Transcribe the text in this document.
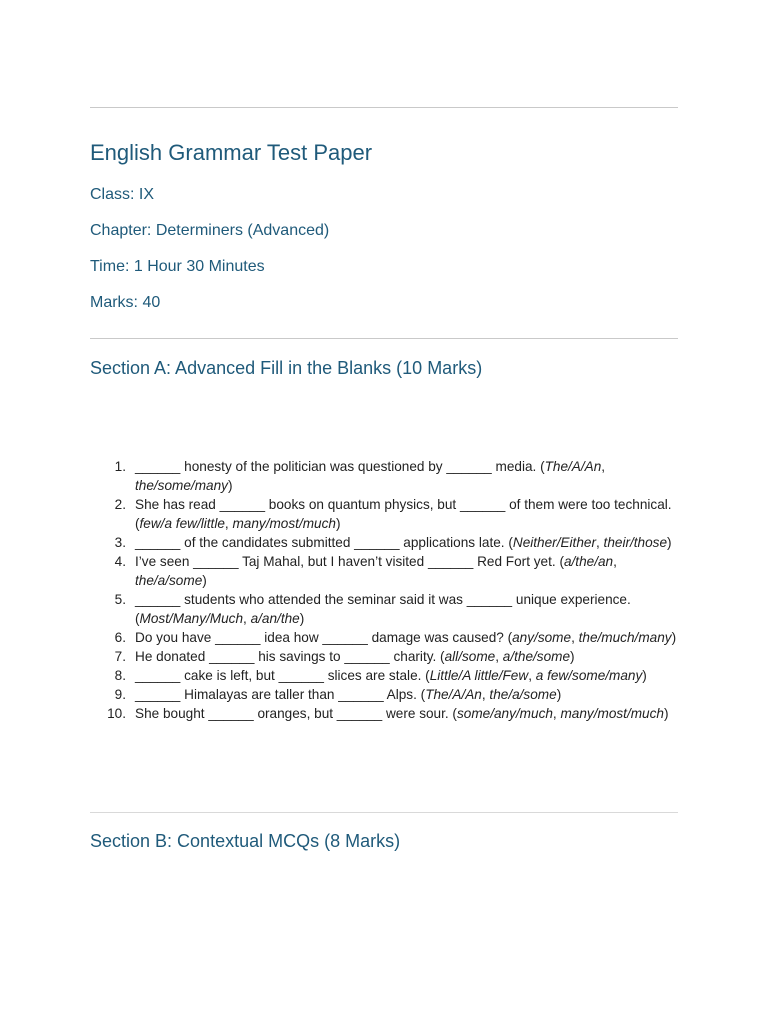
English Grammar Test Paper
Class: IX
Chapter: Determiners (Advanced)
Time: 1 Hour 30 Minutes
Marks: 40
Section A: Advanced Fill in the Blanks (10 Marks)
1. ______ honesty of the politician was questioned by ______ media. (The/A/An, the/some/many)
2. She has read ______ books on quantum physics, but ______ of them were too technical. (few/a few/little, many/most/much)
3. ______ of the candidates submitted ______ applications late. (Neither/Either, their/those)
4. I’ve seen ______ Taj Mahal, but I haven’t visited ______ Red Fort yet. (a/the/an, the/a/some)
5. ______ students who attended the seminar said it was ______ unique experience. (Most/Many/Much, a/an/the)
6. Do you have ______ idea how ______ damage was caused? (any/some, the/much/many)
7. He donated ______ his savings to ______ charity. (all/some, a/the/some)
8. ______ cake is left, but ______ slices are stale. (Little/A little/Few, a few/some/many)
9. ______ Himalayas are taller than ______ Alps. (The/A/An, the/a/some)
10. She bought ______ oranges, but ______ were sour. (some/any/much, many/most/much)
Section B: Contextual MCQs (8 Marks)
